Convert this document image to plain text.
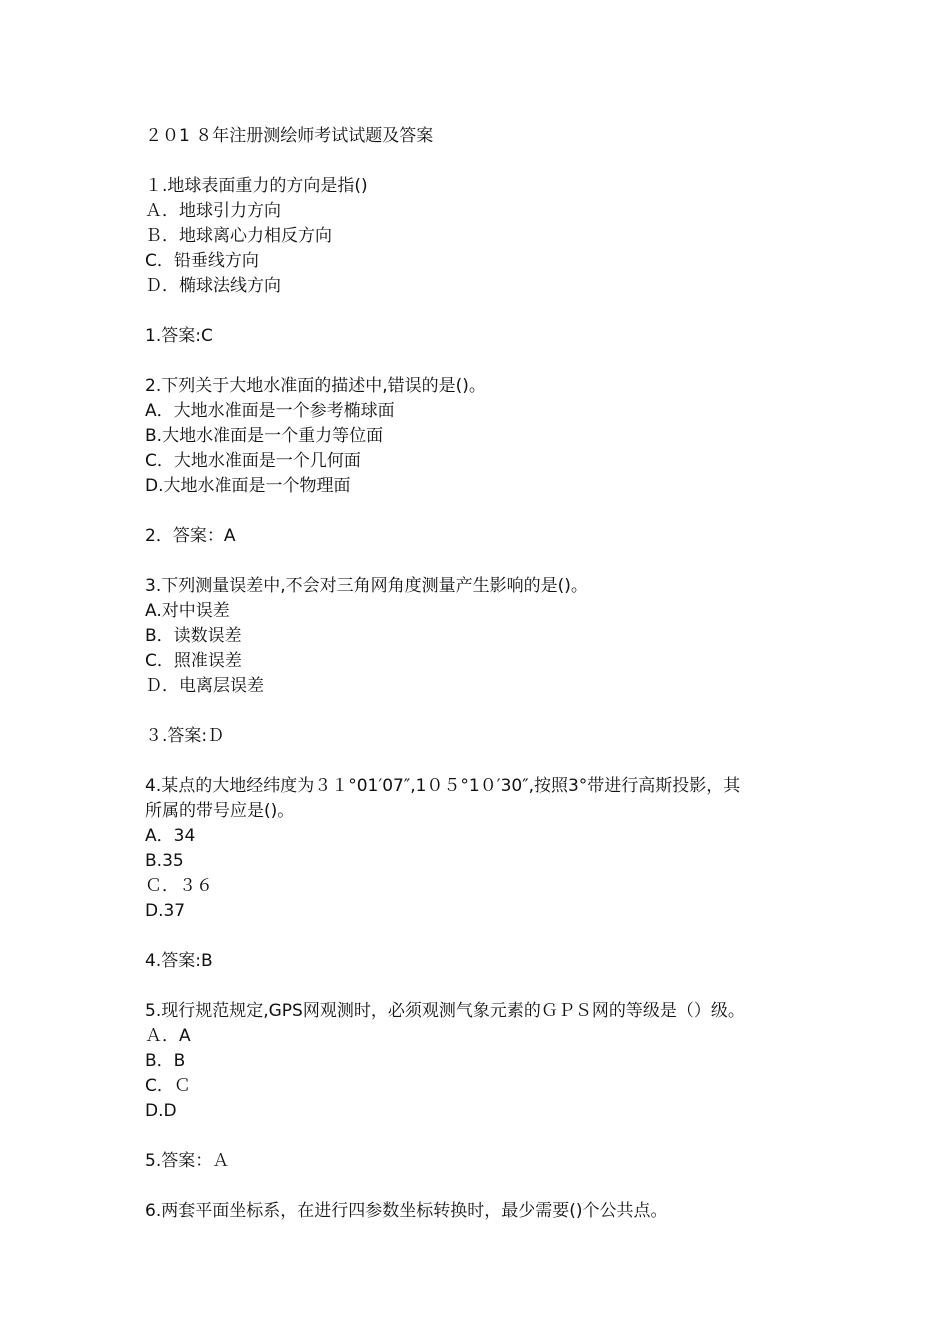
２０1 ８年注册测绘师考试试题及答案
１.地球表面重力的方向是指()
Ａ．地球引力方向
Ｂ．地球离心力相反方向
C．铅垂线方向
Ｄ．椭球法线方向
1.答案:C
2.下列关于大地水准面的描述中,错误的是()。
A．大地水准面是一个参考椭球面
B.大地水准面是一个重力等位面
C．大地水准面是一个几何面
D.大地水准面是一个物理面
2．答案：A
3.下列测量误差中,不会对三角网角度测量产生影响的是()。
A.对中误差
B．读数误差
C．照准误差
Ｄ．电离层误差
３.答案:Ｄ
4.某点的大地经纬度为３１°01′07″,1０５°1０′30″,按照3°带进行高斯投影，其
所属的带号应是()。
A．34
B.35
Ｃ．３６
D.37
4.答案:B
5.现行规范规定,GPS网观测时，必须观测气象元素的ＧＰＳ网的等级是（）级。
Ａ．A
B．B
C．Ｃ
D.D
5.答案：Ａ
6.两套平面坐标系，在进行四参数坐标转换时，最少需要()个公共点。
